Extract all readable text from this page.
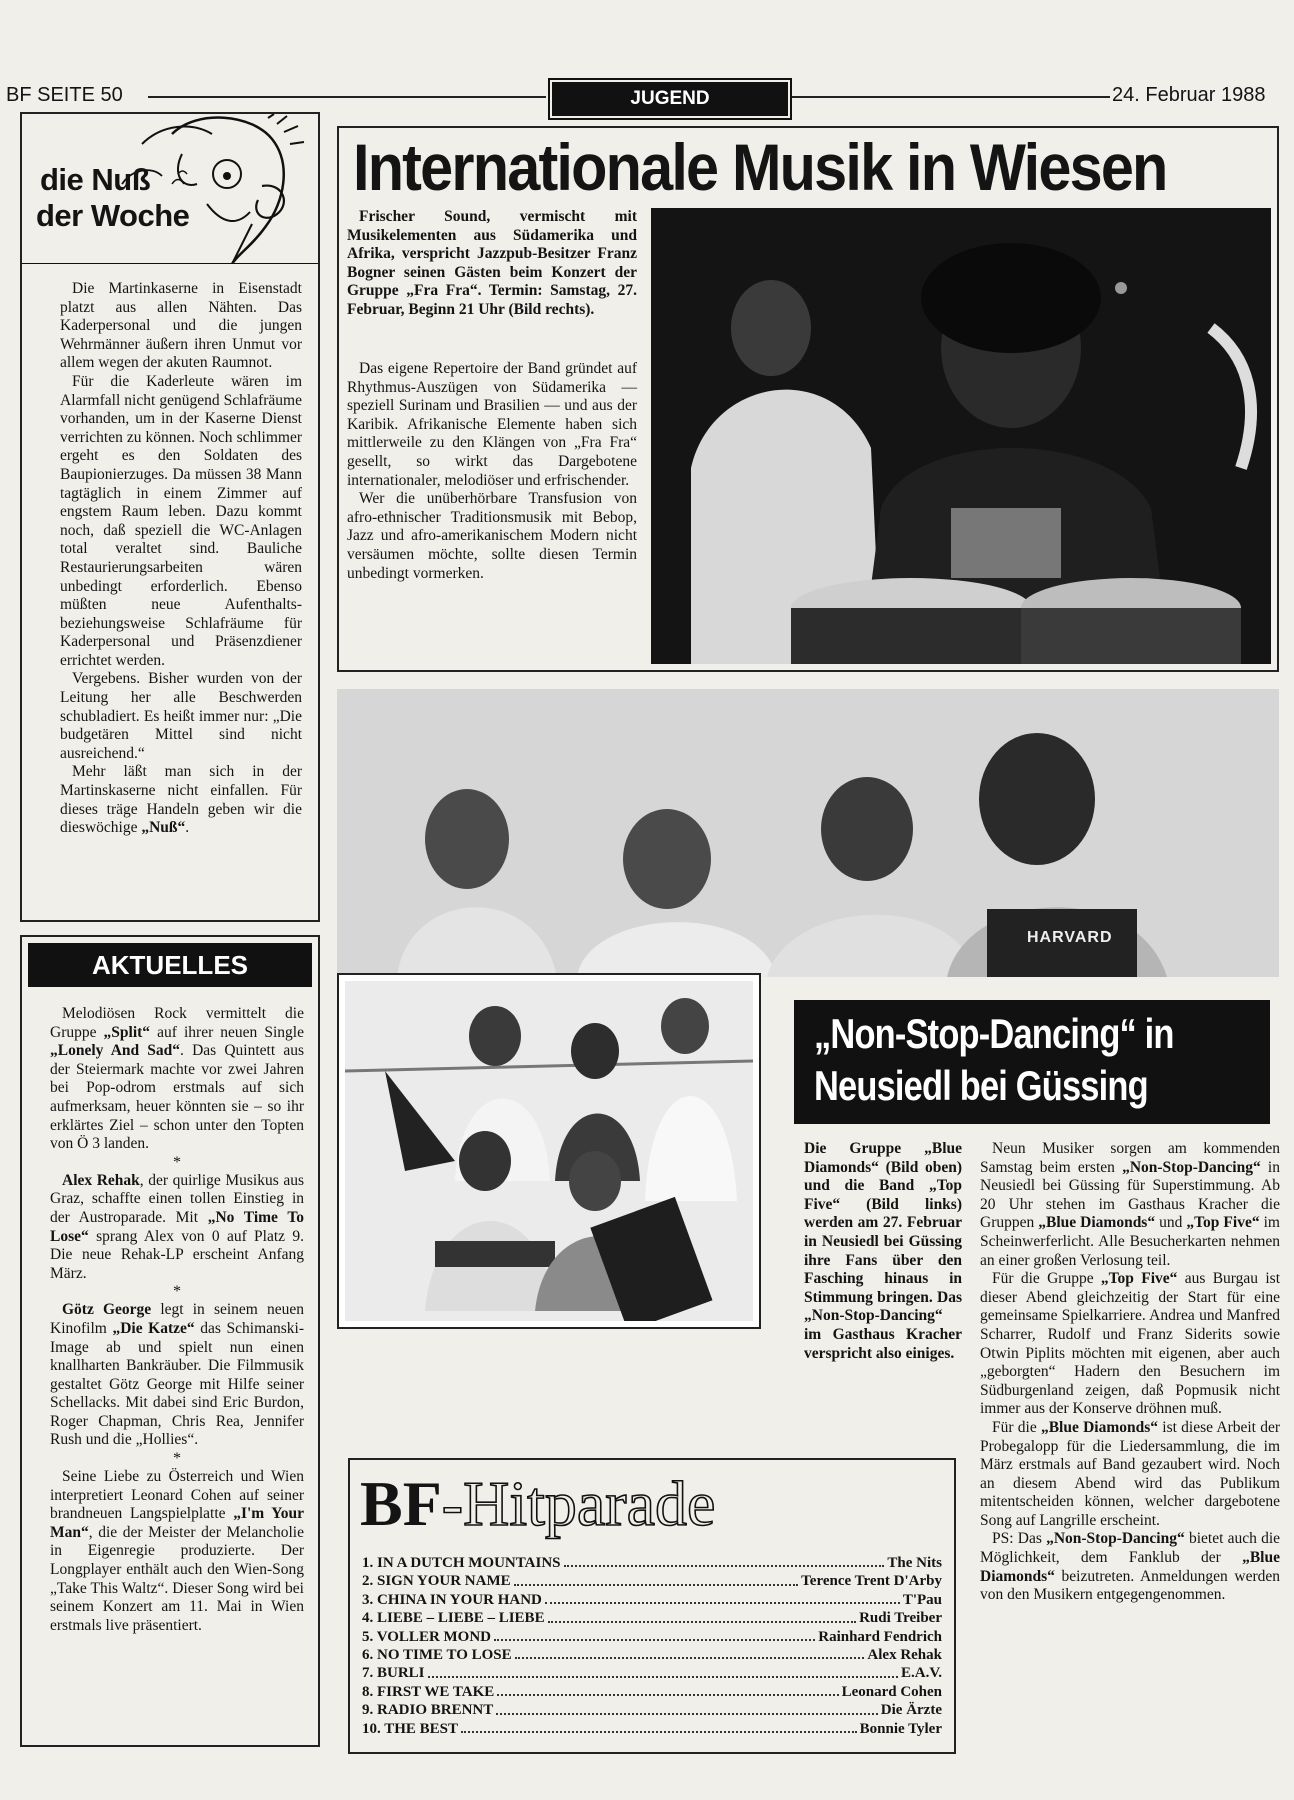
BF SEITE 50	JUGEND	24. Februar 1988
die Nuß
der Woche

Die Martinkaserne in Eisenstadt platzt aus allen Nähten. Das Kaderpersonal und die jungen Wehrmänner äußern ihren Unmut vor allem wegen der akuten Raumnot.

Für die Kaderleute wären im Alarmfall nicht genügend Schlafräume vorhanden, um in der Kaserne Dienst verrichten zu können. Noch schlimmer ergeht es den Soldaten des Baupionierzuges. Da müssen 38 Mann tagtäglich in einem Zimmer auf engstem Raum leben. Dazu kommt noch, daß speziell die WC-Anlagen total veraltet sind. Bauliche Restaurierungsarbeiten wären unbedingt erforderlich. Ebenso müßten neue Aufenthalts- beziehungsweise Schlafräume für Kaderpersonal und Präsenzdiener errichtet werden.

Vergebens. Bisher wurden von der Leitung her alle Beschwerden schubladiert. Es heißt immer nur: „Die budgetären Mittel sind nicht ausreichend.“

Mehr läßt man sich in der Martinskaserne nicht einfallen. Für dieses träge Handeln geben wir die dieswöchige „Nuß“.

AKTUELLES

Melodiösen Rock vermittelt die Gruppe „Split“ auf ihrer neuen Single „Lonely And Sad“. Das Quintett aus der Steiermark machte vor zwei Jahren bei Pop-odrom erstmals auf sich aufmerksam, heuer könnten sie – so ihr erklärtes Ziel – schon unter den Topten von Ö 3 landen.

*

Alex Rehak, der quirlige Musikus aus Graz, schaffte einen tollen Einstieg in der Austroparade. Mit „No Time To Lose“ sprang Alex von 0 auf Platz 9. Die neue Rehak-LP erscheint Anfang März.

*

Götz George legt in seinem neuen Kinofilm „Die Katze“ das Schimanski-Image ab und spielt nun einen knallharten Bankräuber. Die Filmmusik gestaltet Götz George mit Hilfe seiner Schellacks. Mit dabei sind Eric Burdon, Roger Chapman, Chris Rea, Jennifer Rush und die „Hollies“.

*

Seine Liebe zu Österreich und Wien interpretiert Leonard Cohen auf seiner brandneuen Langspielplatte „I'm Your Man“, die der Meister der Melancholie in Eigenregie produzierte. Der Longplayer enthält auch den Wien-Song „Take This Waltz“. Dieser Song wird bei seinem Konzert am 11. Mai in Wien erstmals live präsentiert.

Internationale Musik in Wiesen

Frischer Sound, vermischt mit Musikelementen aus Südamerika und Afrika, verspricht Jazzpub-Besitzer Franz Bogner seinen Gästen beim Konzert der Gruppe „Fra Fra“. Termin: Samstag, 27. Februar, Beginn 21 Uhr (Bild rechts).

Das eigene Repertoire der Band gründet auf Rhythmus-Auszügen von Südamerika — speziell Surinam und Brasilien — und aus der Karibik. Afrikanische Elemente haben sich mittlerweile zu den Klängen von „Fra Fra“ gesellt, so wirkt das Dargebotene internationaler, melodiöser und erfrischender.

Wer die unüberhörbare Transfusion von afro-ethnischer Traditionsmusik mit Bebop, Jazz und afro-amerikanischem Modern nicht versäumen möchte, sollte diesen Termin unbedingt vormerken.

HARVARD
„Non-Stop-Dancing“ in
Neusiedl bei Güssing

Die Gruppe „Blue Diamonds“ (Bild oben) und die Band „Top Five“ (Bild links) werden am 27. Februar in Neusiedl bei Güssing ihre Fans über den Fasching hinaus in Stimmung bringen. Das „Non-Stop-Dancing“ im Gasthaus Kracher verspricht also einiges.

Neun Musiker sorgen am kommenden Samstag beim ersten „Non-Stop-Dancing“ in Neusiedl bei Güssing für Superstimmung. Ab 20 Uhr stehen im Gasthaus Kracher die Gruppen „Blue Diamonds“ und „Top Five“ im Scheinwerferlicht. Alle Besucherkarten nehmen an einer großen Verlosung teil.

Für die Gruppe „Top Five“ aus Burgau ist dieser Abend gleichzeitig der Start für eine gemeinsame Spielkarriere. Andrea und Manfred Scharrer, Rudolf und Franz Siderits sowie Otwin Piplits möchten mit eigenen, aber auch „geborgten“ Hadern den Besuchern im Südburgenland zeigen, daß Popmusik nicht immer aus der Konserve dröhnen muß.

Für die „Blue Diamonds“ ist diese Arbeit der Probegalopp für die Liedersammlung, die im März erstmals auf Band gezaubert wird. Noch an diesem Abend wird das Publikum mitentscheiden können, welcher dargebotene Song auf Langrille erscheint.

PS: Das „Non-Stop-Dancing“ bietet auch die Möglichkeit, dem Fanklub der „Blue Diamonds“ beizutreten. Anmeldungen werden von den Musikern entgegengenommen.

BF-Hitparade
1. IN A DUTCH MOUNTAINS	The Nits
2. SIGN YOUR NAME	Terence Trent D'Arby
3. CHINA IN YOUR HAND	T'Pau
4. LIEBE – LIEBE – LIEBE	Rudi Treiber
5. VOLLER MOND	Rainhard Fendrich
6. NO TIME TO LOSE	Alex Rehak
7. BURLI	E.A.V.
8. FIRST WE TAKE	Leonard Cohen
9. RADIO BRENNT	Die Ärzte
10. THE BEST	Bonnie Tyler
